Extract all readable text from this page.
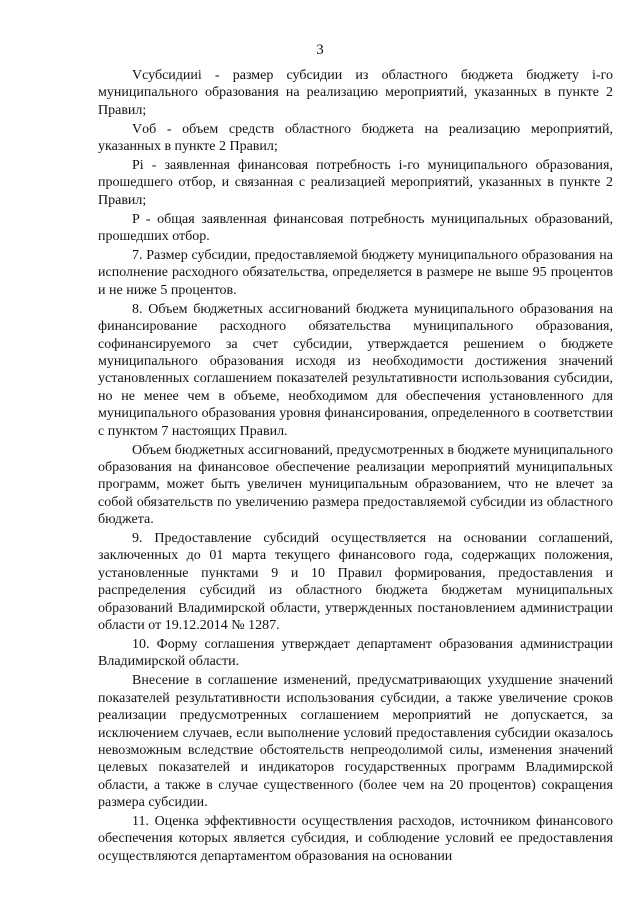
3

Vсубсидииi - размер субсидии из областного бюджета бюджету i-го муниципального образования на реализацию мероприятий, указанных в пункте 2 Правил;

Vоб - объем средств областного бюджета на реализацию мероприятий, указанных в пункте 2 Правил;

Pi - заявленная финансовая потребность i-го муниципального образования, прошедшего отбор, и связанная с реализацией мероприятий, указанных в пункте 2 Правил;

P - общая заявленная финансовая потребность муниципальных образований, прошедших отбор.

7. Размер субсидии, предоставляемой бюджету муниципального образования на исполнение расходного обязательства, определяется в размере не выше 95 процентов и не ниже 5 процентов.

8. Объем бюджетных ассигнований бюджета муниципального образования на финансирование расходного обязательства муниципального образования, софинансируемого за счет субсидии, утверждается решением о бюджете муниципального образования исходя из необходимости достижения значений установленных соглашением показателей результативности использования субсидии, но не менее чем в объеме, необходимом для обеспечения установленного для муниципального образования уровня финансирования, определенного в соответствии с пунктом 7 настоящих Правил.

Объем бюджетных ассигнований, предусмотренных в бюджете муниципального образования на финансовое обеспечение реализации мероприятий муниципальных программ, может быть увеличен муниципальным образованием, что не влечет за собой обязательств по увеличению размера предоставляемой субсидии из областного бюджета.

9. Предоставление субсидий осуществляется на основании соглашений, заключенных до 01 марта текущего финансового года, содержащих положения, установленные пунктами 9 и 10 Правил формирования, предоставления и распределения субсидий из областного бюджета бюджетам муниципальных образований Владимирской области, утвержденных постановлением администрации области от 19.12.2014 № 1287.

10. Форму соглашения утверждает департамент образования администрации Владимирской области.

Внесение в соглашение изменений, предусматривающих ухудшение значений показателей результативности использования субсидии, а также увеличение сроков реализации предусмотренных соглашением мероприятий не допускается, за исключением случаев, если выполнение условий предоставления субсидии оказалось невозможным вследствие обстоятельств непреодолимой силы, изменения значений целевых показателей и индикаторов государственных программ Владимирской области, а также в случае существенного (более чем на 20 процентов) сокращения размера субсидии.

11. Оценка эффективности осуществления расходов, источником финансового обеспечения которых является субсидия, и соблюдение условий ее предоставления осуществляются департаментом образования на основании
